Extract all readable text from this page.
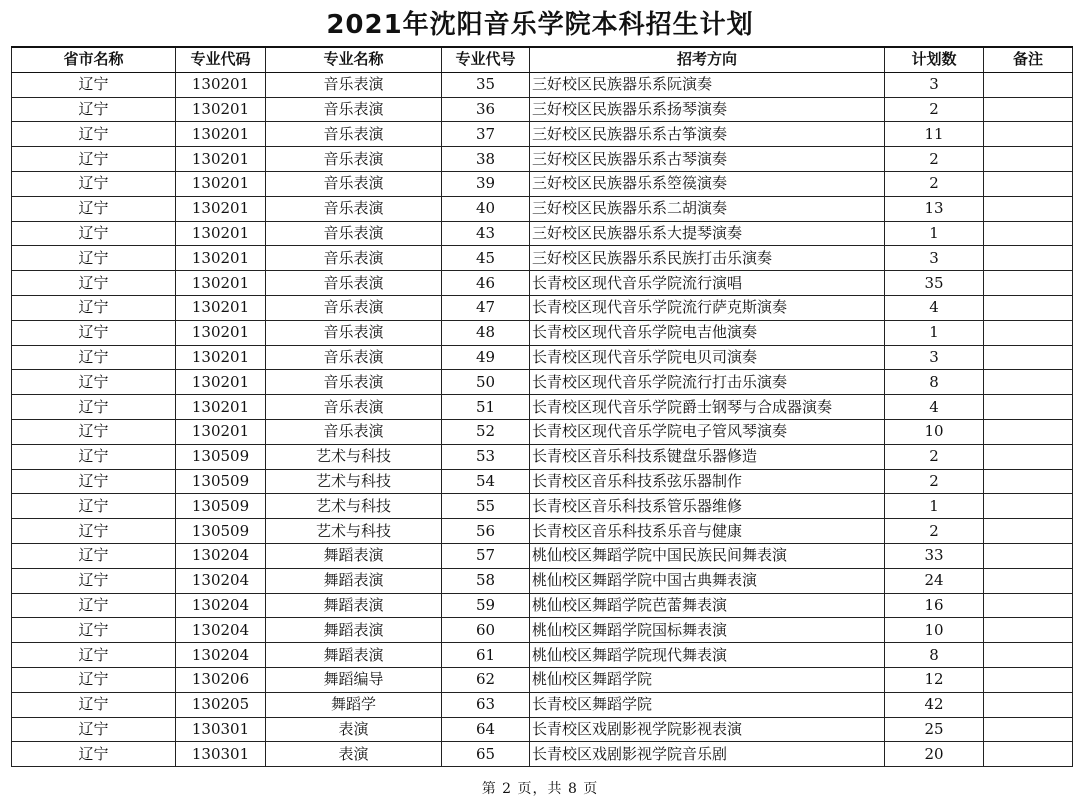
2021年沈阳音乐学院本科招生计划
省市名称	专业代码	专业名称	专业代号	招考方向	计划数	备注
辽宁	130201	音乐表演	35	三好校区民族器乐系阮演奏	3	
辽宁	130201	音乐表演	36	三好校区民族器乐系扬琴演奏	2	
辽宁	130201	音乐表演	37	三好校区民族器乐系古筝演奏	11	
辽宁	130201	音乐表演	38	三好校区民族器乐系古琴演奏	2	
辽宁	130201	音乐表演	39	三好校区民族器乐系箜篌演奏	2	
辽宁	130201	音乐表演	40	三好校区民族器乐系二胡演奏	13	
辽宁	130201	音乐表演	43	三好校区民族器乐系大提琴演奏	1	
辽宁	130201	音乐表演	45	三好校区民族器乐系民族打击乐演奏	3	
辽宁	130201	音乐表演	46	长青校区现代音乐学院流行演唱	35	
辽宁	130201	音乐表演	47	长青校区现代音乐学院流行萨克斯演奏	4	
辽宁	130201	音乐表演	48	长青校区现代音乐学院电吉他演奏	1	
辽宁	130201	音乐表演	49	长青校区现代音乐学院电贝司演奏	3	
辽宁	130201	音乐表演	50	长青校区现代音乐学院流行打击乐演奏	8	
辽宁	130201	音乐表演	51	长青校区现代音乐学院爵士钢琴与合成器演奏	4	
辽宁	130201	音乐表演	52	长青校区现代音乐学院电子管风琴演奏	10	
辽宁	130509	艺术与科技	53	长青校区音乐科技系键盘乐器修造	2	
辽宁	130509	艺术与科技	54	长青校区音乐科技系弦乐器制作	2	
辽宁	130509	艺术与科技	55	长青校区音乐科技系管乐器维修	1	
辽宁	130509	艺术与科技	56	长青校区音乐科技系乐音与健康	2	
辽宁	130204	舞蹈表演	57	桃仙校区舞蹈学院中国民族民间舞表演	33	
辽宁	130204	舞蹈表演	58	桃仙校区舞蹈学院中国古典舞表演	24	
辽宁	130204	舞蹈表演	59	桃仙校区舞蹈学院芭蕾舞表演	16	
辽宁	130204	舞蹈表演	60	桃仙校区舞蹈学院国标舞表演	10	
辽宁	130204	舞蹈表演	61	桃仙校区舞蹈学院现代舞表演	8	
辽宁	130206	舞蹈编导	62	桃仙校区舞蹈学院	12	
辽宁	130205	舞蹈学	63	长青校区舞蹈学院	42	
辽宁	130301	表演	64	长青校区戏剧影视学院影视表演	25	
辽宁	130301	表演	65	长青校区戏剧影视学院音乐剧	20	
第 2 页，共 8 页
